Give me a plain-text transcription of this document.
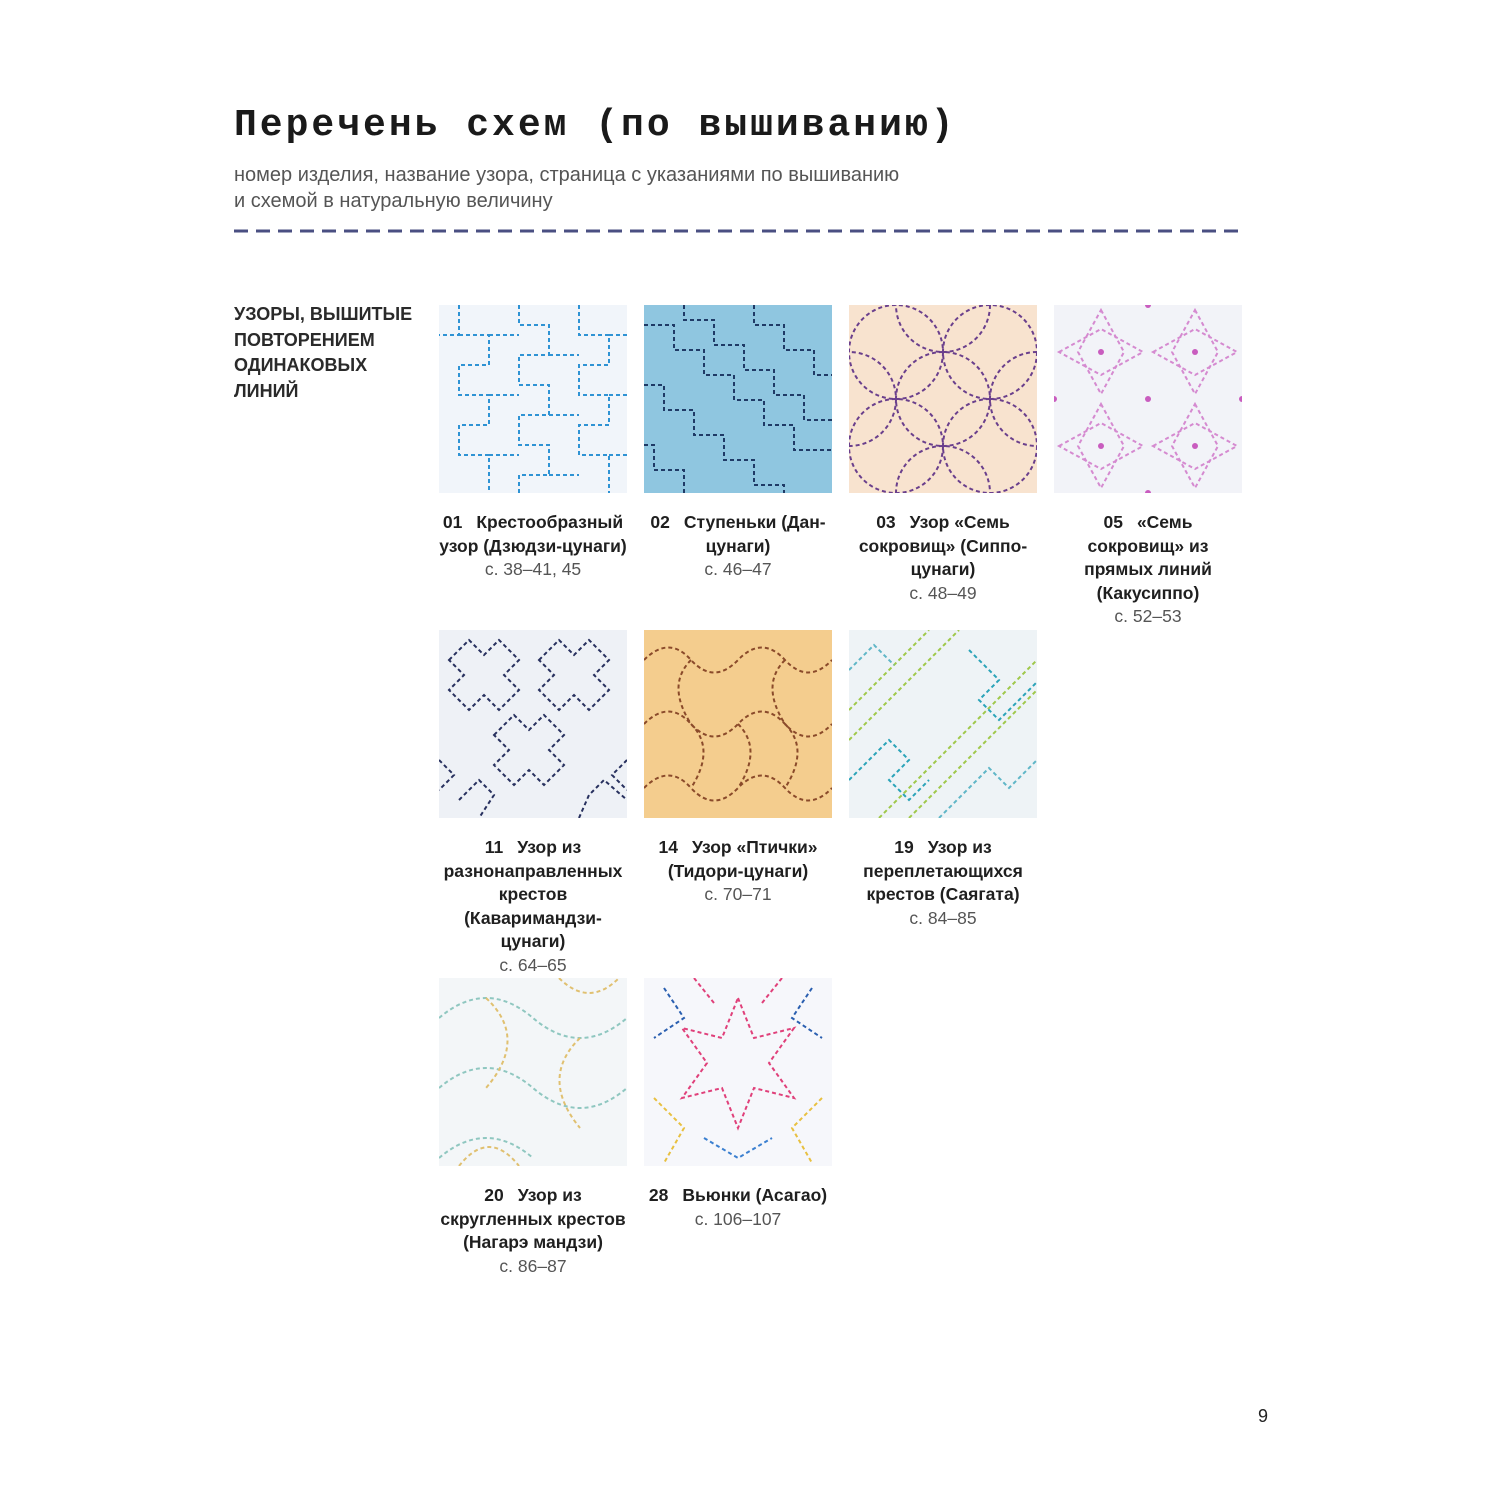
Перечень схем (по вышиванию)
номер изделия, название узора, страница с указаниями по вышиванию
и схемой в натуральную величину
УЗОРЫ, ВЫШИТЫЕ ПОВТОРЕНИЕМ ОДИНАКОВЫХ ЛИНИЙ
01 Крестообразный узор (Дзюдзи-цунаги)
с. 38–41, 45
02 Ступеньки (Дан-цунаги)
с. 46–47
03 Узор «Семь сокровищ» (Сиппо-цунаги)
с. 48–49
05 «Семь сокровищ» из прямых линий (Какусиппо)
с. 52–53
11 Узор из разнонаправленных крестов (Каваримандзи-цунаги)
с. 64–65
14 Узор «Птички» (Тидори-цунаги)
с. 70–71
19 Узор из переплетающихся крестов (Саягата)
с. 84–85
20 Узор из скругленных крестов (Нагарэ мандзи)
с. 86–87
28 Вьюнки (Асагао)
с. 106–107
9
